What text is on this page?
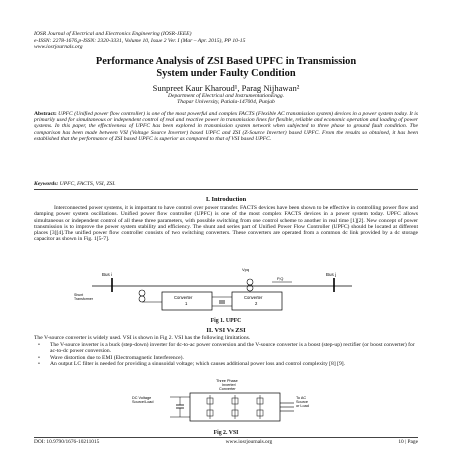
IOSR Journal of Electrical and Electronics Engineering (IOSR-JEEE)
e-ISSN: 2278-1676,p-ISSN: 2320-3331, Volume 10, Issue 2 Ver. I (Mar – Apr. 2015), PP 10-15
www.iosrjournals.org
Performance Analysis of ZSI Based UPFC in Transmission
System under Faulty Condition
Sunpreet Kaur Kharoud¹, Parag Nijhawan²
Department of Electrical and InstrumentationEngg.
Thapar University, Patiala-147004, Punjab
Abstract: UPFC (Unified power flow controller) is one of the most powerful and complex FACTS (Flexible AC transmission system) devices in a power system today. It is primarily used for simultaneous or independent control of real and reactive power in transmission lines for flexible, reliable and economic operation and loading of power systems. In this paper, the effectiveness of UPFC has been explored in transmission system network when subjected to three phase to ground fault condition. The comparison has been made between VSI (Voltage Source Inverter) based UPFC and ZSI (Z-Source Inverter) based UPFC. From the results so obtained, it has been established that the performance of ZSI based UPFC is superior as compared to that of VSI based UPFC.
Keywords: UPFC, FACTS, VSI, ZSI.
I. Introduction
Interconnected power systems, it is important to have control over power transfer. FACTS devices have been shown to be effective in controlling power flow and damping power system oscillations. Unified power flow controller (UPFC) is one of the most complex FACTS devices in a power system today. UPFC allows simultaneous or independent control of all these three parameters, with possible switching from one control scheme to another in real time [1][2]. New concept of power transmission is to improve the power system stability and efficiency. The shunt and series part of Unified Power Flow Controller (UPFC) should be located at different places [3][4].The unified power flow controller consists of two switching converters. These converters are operated from a common dc link provided by a dc storage capacitor as shown in Fig. 1[5-7].
Bus i	Bus j
Vpq
P,Q
Shunt
Transformer	Converter
1
Converter
2
Fig 1. UPFC
II. VSI Vs ZSI
The V-source converter is widely used. VSI is shown in Fig 2. VSI has the following limitations.
•	The V-source inverter is a buck (step-down) inverter for dc-to-ac power conversion and the V-source converter is a boost (step-up) rectifier (or boost converter) for ac-to-dc power conversion.
•	Wave distortion due to EMI (Electromagnetic Interference).
•	An output LC filter is needed for providing a sinusoidal voltage; which causes additional power loss and control complexity [8] [9].
Three Phase
Inverter/
Converter
DC Voltage
Source/Load
To AC
Source
or Load
Fig 2. VSI
DOI: 10.9790/1676-10211015	www.iosrjournals.org	10 | Page
